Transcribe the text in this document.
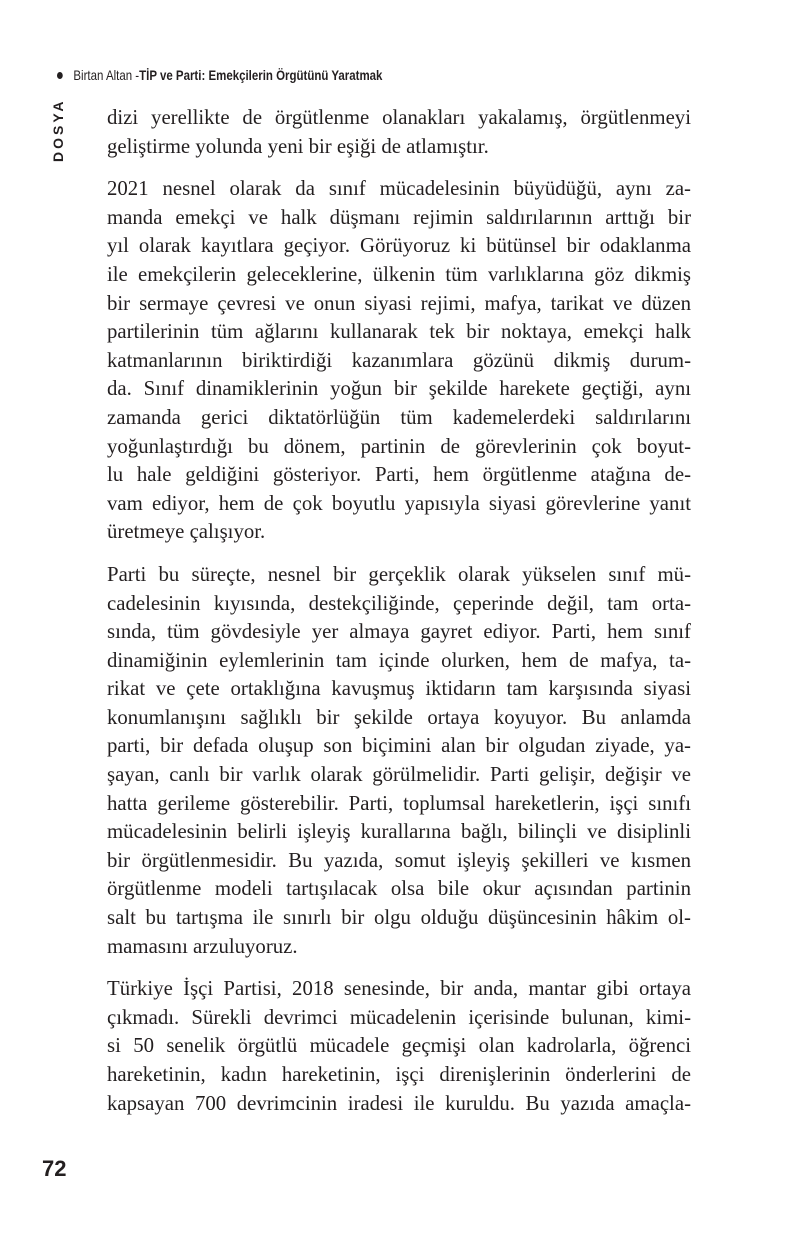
Birtan Altan - TİP ve Parti: Emekçilerin Örgütünü Yaratmak
DOSYA dizi yerellikte de örgütlenme olanakları yakalamış, örgütlenmeyi
geliştirme yolunda yeni bir eşiği de atlamıştır.
2021 nesnel olarak da sınıf mücadelesinin büyüdüğü, aynı za-
manda emekçi ve halk düşmanı rejimin saldırılarının arttığı bir
yıl olarak kayıtlara geçiyor. Görüyoruz ki bütünsel bir odaklanma
ile emekçilerin geleceklerine, ülkenin tüm varlıklarına göz dikmiş
bir sermaye çevresi ve onun siyasi rejimi, mafya, tarikat ve düzen
partilerinin tüm ağlarını kullanarak tek bir noktaya, emekçi halk
katmanlarının biriktirdiği kazanımlara gözünü dikmiş durum-
da. Sınıf dinamiklerinin yoğun bir şekilde harekete geçtiği, aynı
zamanda gerici diktatörlüğün tüm kademelerdeki saldırılarını
yoğunlaştırdığı bu dönem, partinin de görevlerinin çok boyut-
lu hale geldiğini gösteriyor. Parti, hem örgütlenme atağına de-
vam ediyor, hem de çok boyutlu yapısıyla siyasi görevlerine yanıt
üretmeye çalışıyor.
Parti bu süreçte, nesnel bir gerçeklik olarak yükselen sınıf mü-
cadelesinin kıyısında, destekçiliğinde, çeperinde değil, tam orta-
sında, tüm gövdesiyle yer almaya gayret ediyor. Parti, hem sınıf
dinamiğinin eylemlerinin tam içinde olurken, hem de mafya, ta-
rikat ve çete ortaklığına kavuşmuş iktidarın tam karşısında siyasi
konumlanışını sağlıklı bir şekilde ortaya koyuyor. Bu anlamda
parti, bir defada oluşup son biçimini alan bir olgudan ziyade, ya-
şayan, canlı bir varlık olarak görülmelidir. Parti gelişir, değişir ve
hatta gerileme gösterebilir. Parti, toplumsal hareketlerin, işçi sınıfı
mücadelesinin belirli işleyiş kurallarına bağlı, bilinçli ve disiplinli
bir örgütlenmesidir. Bu yazıda, somut işleyiş şekilleri ve kısmen
örgütlenme modeli tartışılacak olsa bile okur açısından partinin
salt bu tartışma ile sınırlı bir olgu olduğu düşüncesinin hâkim ol-
mamasını arzuluyoruz.
Türkiye İşçi Partisi, 2018 senesinde, bir anda, mantar gibi ortaya
çıkmadı. Sürekli devrimci mücadelenin içerisinde bulunan, kimi-
si 50 senelik örgütlü mücadele geçmişi olan kadrolarla, öğrenci
hareketinin, kadın hareketinin, işçi direnişlerinin önderlerini de
kapsayan 700 devrimcinin iradesi ile kuruldu. Bu yazıda amaçla-
72
